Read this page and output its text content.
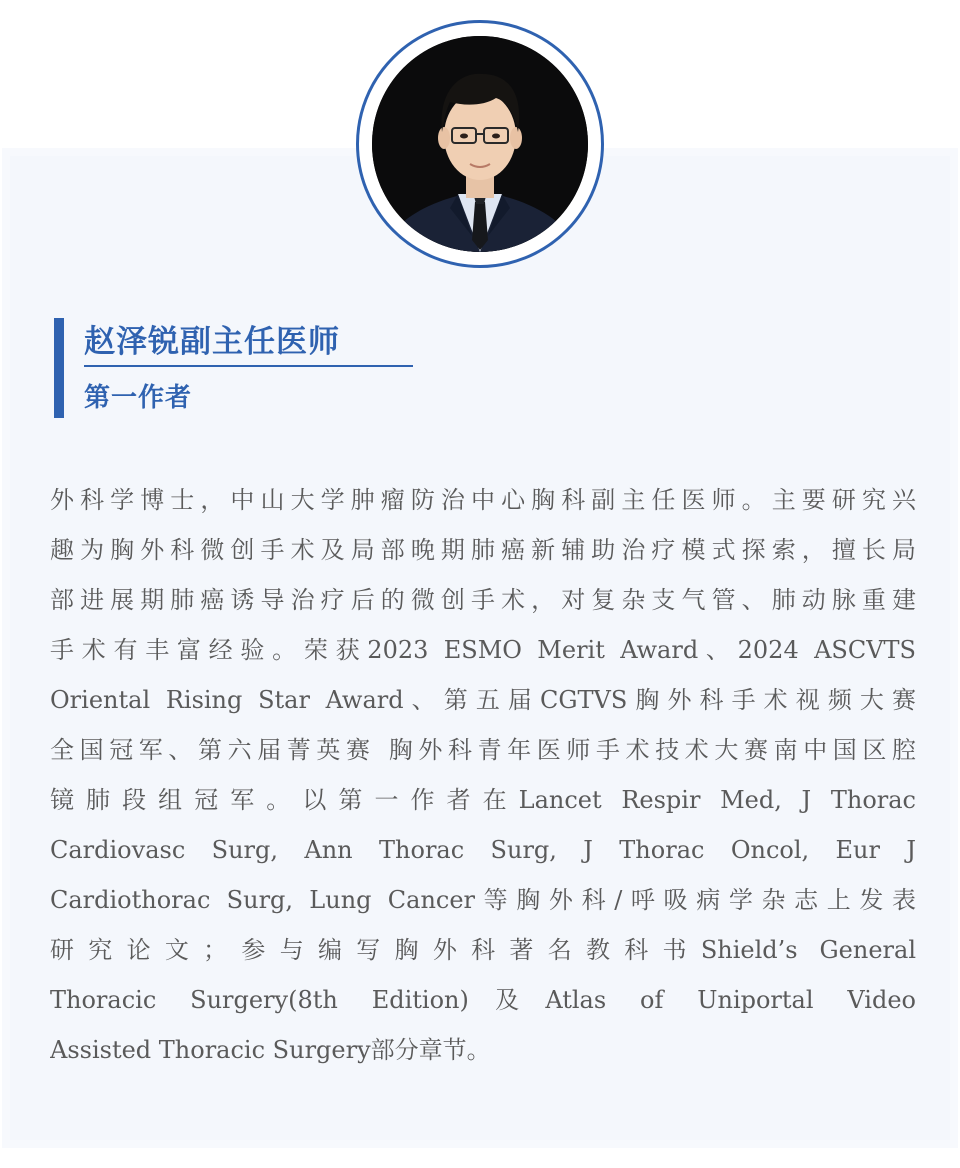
赵泽锐副主任医师
第一作者
外科学博士，中山大学肿瘤防治中心胸科副主任医师。主要研究兴
趣为胸外科微创手术及局部晚期肺癌新辅助治疗模式探索，擅长局
部进展期肺癌诱导治疗后的微创手术，对复杂支气管、肺动脉重建
手术有丰富经验。荣获2023 ESMO Merit Award、2024 ASCVTS
Oriental Rising Star Award、第五届CGTVS胸外科手术视频大赛
全国冠军、第六届菁英赛 胸外科青年医师手术技术大赛南中国区腔
镜肺段组冠军。以第一作者在Lancet Respir Med, J Thorac
Cardiovasc Surg, Ann Thorac Surg, J Thorac Oncol, Eur J
Cardiothorac Surg, Lung Cancer等胸外科/呼吸病学杂志上发表
研究论文；参与编写胸外科著名教科书Shield’s General
Thoracic Surgery(8th Edition)及Atlas of Uniportal Video
Assisted Thoracic Surgery部分章节。
